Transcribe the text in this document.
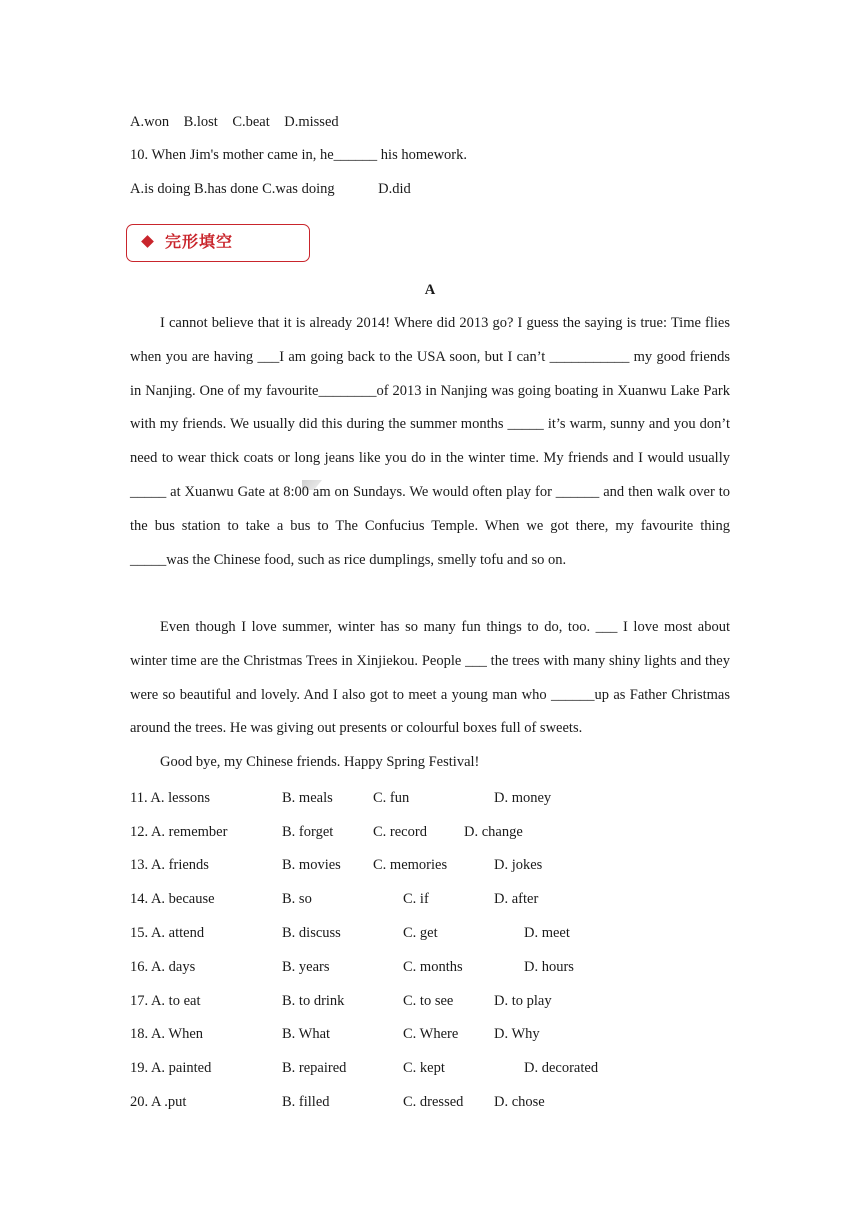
A.won    B.lost    C.beat    D.missed
10. When Jim's mother came in, he______ his homework.
A.is doing B.has done C.was doing            D.did
完形填空
A
I cannot believe that it is already 2014! Where did 2013 go? I guess the saying is true: Time flies when you are having ___I am going back to the USA soon, but I can’t ___________ my good friends in Nanjing. One of my favourite________of 2013 in Nanjing was going boating in Xuanwu Lake Park with my friends. We usually did this during the summer months _____ it’s warm, sunny and you don’t need to wear thick coats or long jeans like you do in the winter time. My friends and I would usually _____ at Xuanwu Gate at 8:00 am on Sundays. We would often play for ______ and then walk over to the bus station to take a bus to The Confucius Temple. When we got there, my favourite thing _____was the Chinese food, such as rice dumplings, smelly tofu and so on.
Even though I love summer, winter has so many fun things to do, too. ___ I love most about winter time are the Christmas Trees in Xinjiekou. People ___ the trees with many shiny lights and they were so beautiful and lovely. And I also got to meet a young man who ______up as Father Christmas around the trees. He was giving out presents or colourful boxes full of sweets.
Good bye, my Chinese friends. Happy Spring Festival!

11. A. lessons

	B. meals

	C. fun

	D. money

12. A. remember

	B. forget

	C. record

	D. change

13. A. friends

	B. movies

C. memories

	D. jokes

14. A. because

	B. so

	C. if

	D. after

15. A. attend

	B. discuss

	C. get

	D. meet

16. A. days

	B. years

	C. months

	D. hours

17. A. to eat

	B. to drink

	C. to see

	D. to play

18. A. When

	B. What

	C. Where

D. Why

19. A. painted

	B. repaired

	C. kept

	D. decorated

20. A .put

	B. filled

	C. dressed

D. chose
